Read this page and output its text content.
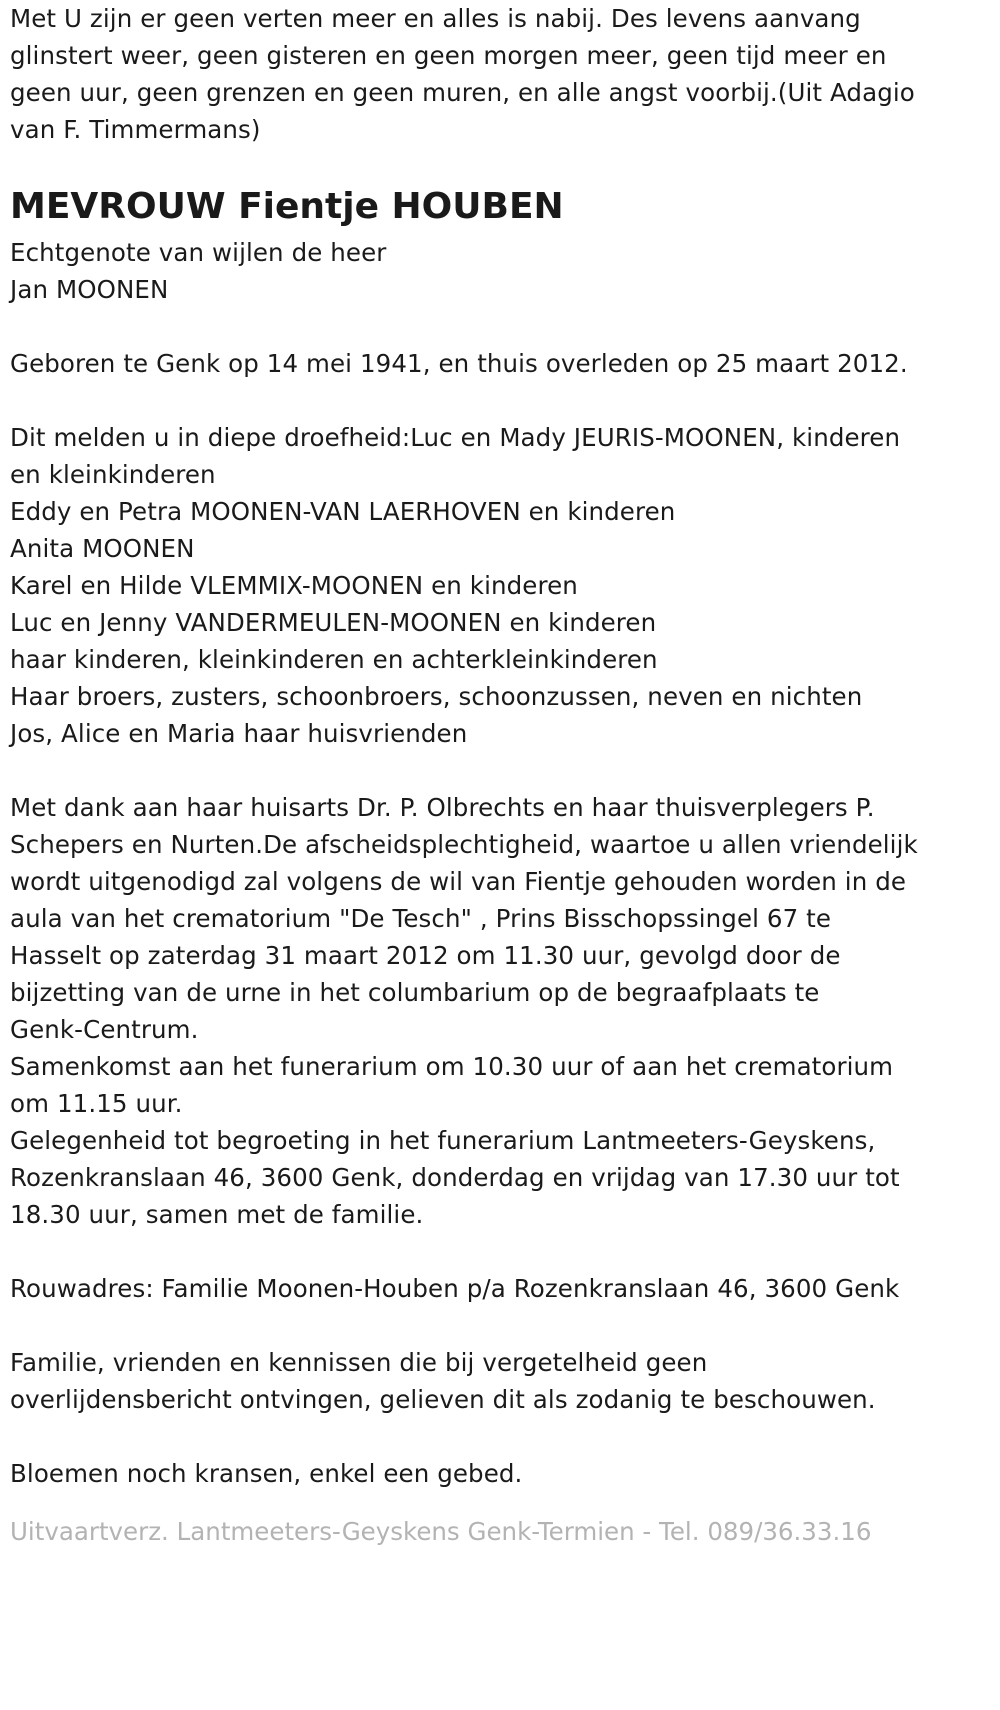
Met U zijn er geen verten meer en alles is nabij. Des levens aanvang
glinstert weer, geen gisteren en geen morgen meer, geen tijd meer en
geen uur, geen grenzen en geen muren, en alle angst voorbij.(Uit Adagio
van F. Timmermans)
MEVROUW Fientje HOUBEN
Echtgenote van wijlen de heer
Jan MOONEN
Geboren te Genk op 14 mei 1941, en thuis overleden op 25 maart 2012.
Dit melden u in diepe droefheid:Luc en Mady JEURIS-MOONEN, kinderen
en kleinkinderen
Eddy en Petra MOONEN-VAN LAERHOVEN en kinderen
Anita MOONEN
Karel en Hilde VLEMMIX-MOONEN en kinderen
Luc en Jenny VANDERMEULEN-MOONEN en kinderen
haar kinderen, kleinkinderen en achterkleinkinderen
Haar broers, zusters, schoonbroers, schoonzussen, neven en nichten
Jos, Alice en Maria haar huisvrienden
Met dank aan haar huisarts Dr. P. Olbrechts en haar thuisverplegers P.
Schepers en Nurten.De afscheidsplechtigheid, waartoe u allen vriendelijk
wordt uitgenodigd zal volgens de wil van Fientje gehouden worden in de
aula van het crematorium "De Tesch" , Prins Bisschopssingel 67 te
Hasselt op zaterdag 31 maart 2012 om 11.30 uur, gevolgd door de
bijzetting van de urne in het columbarium op de begraafplaats te
Genk-Centrum.
Samenkomst aan het funerarium om 10.30 uur of aan het crematorium
om 11.15 uur.
Gelegenheid tot begroeting in het funerarium Lantmeeters-Geyskens,
Rozenkranslaan 46, 3600 Genk, donderdag en vrijdag van 17.30 uur tot
18.30 uur, samen met de familie.
Rouwadres: Familie Moonen-Houben p/a Rozenkranslaan 46, 3600 Genk
Familie, vrienden en kennissen die bij vergetelheid geen
overlijdensbericht ontvingen, gelieven dit als zodanig te beschouwen.
Bloemen noch kransen, enkel een gebed.
Uitvaartverz. Lantmeeters-Geyskens Genk-Termien - Tel. 089/36.33.16
